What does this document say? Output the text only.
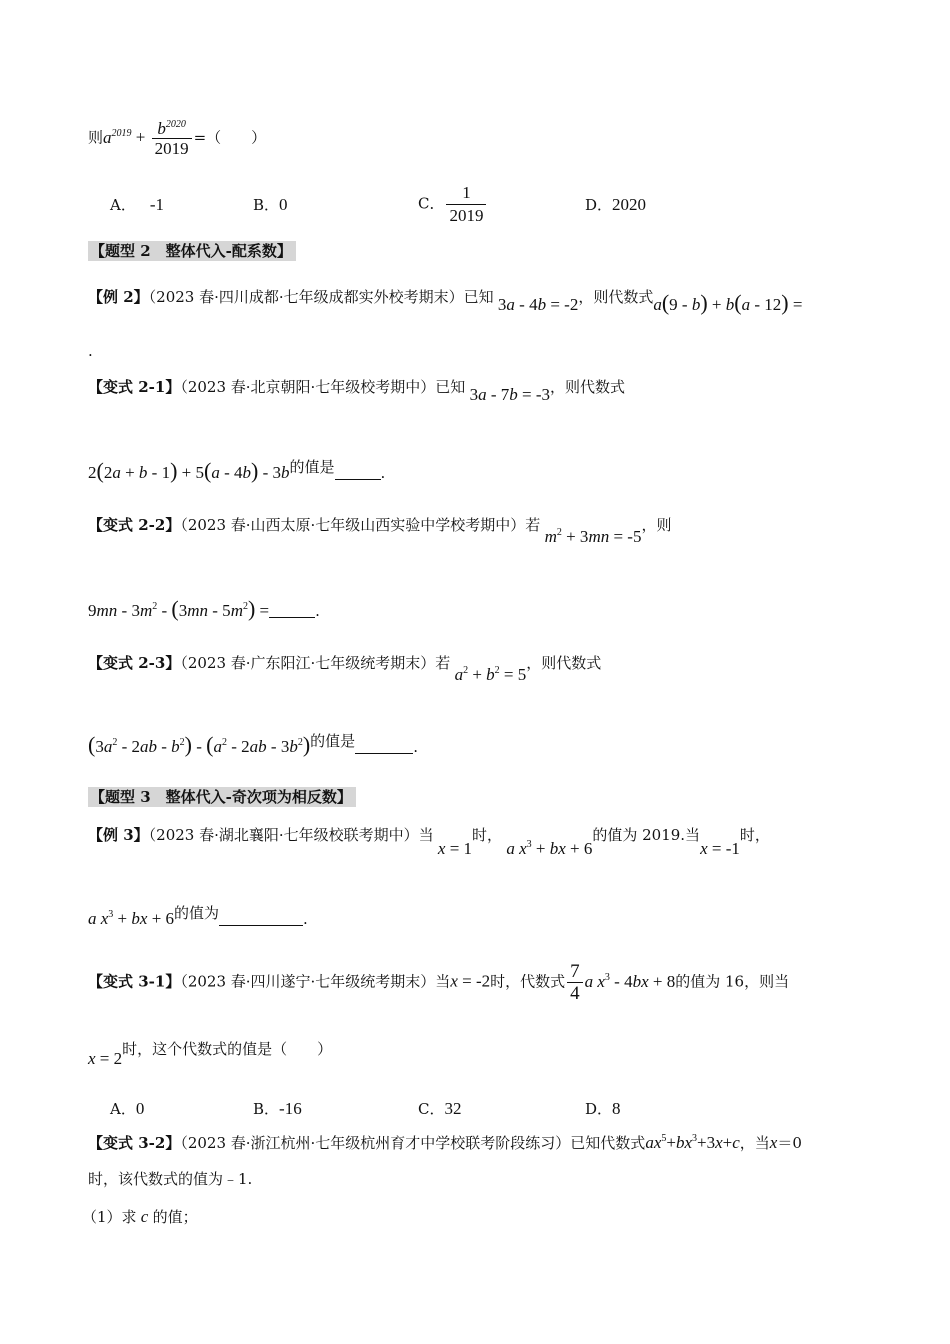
则$a^{2019} + \frac{b^{2020}}{2019}$ =（　　）
A． -1	B．0	C． $\frac{1}{2019}$	D．2020
【题型 2　整体代入-配系数】
【例 2】（2023 春·四川成都·七年级成都实外校考期末）已知 3a - 4b = -2，则代数式a(9 - b) + b(a - 12) =
.
【变式 2-1】（2023 春·北京朝阳·七年级校考期中）已知 3a - 7b = -3，则代数式
2(2a + b - 1) + 5(a - 4b) - 3b的值是	.
【变式 2-2】（2023 春·山西太原·七年级山西实验中学校考期中）若 $m^2 + 3mn = -5$，则
$9mn - 3m^2 - (3mn - 5m^2)$ =	.
【变式 2-3】（2023 春·广东阳江·七年级统考期末）若 $a^2 + b^2 = 5$，则代数式
$(3a^2 - 2ab - b^2) - (a^2 - 2ab - 3b^2)$的值是	.
【题型 3　整体代入-奇次项为相反数】
【例 3】（2023 春·湖北襄阳·七年级校联考期中）当 x = 1时， a $x^3$ + bx + 6的值为 2019.当x = -1时，
a $x^3$ + bx + 6的值为	.
【变式 3-1】（2023 春·四川遂宁·七年级统考期末）当x = -2时，代数式 $\frac{7}{4}$ a $x^3 - 4bx + 8$的值为 16，则当
x = 2时，这个代数式的值是（　　）
A．0	B．-16	C．32	D．8
【变式 3-2】（2023 春·浙江杭州·七年级杭州育才中学校联考阶段练习）已知代数式$ax^5+bx^3+3x+c$，当x＝0
时，该代数式的值为﹣1.
（1）求 c 的值；
